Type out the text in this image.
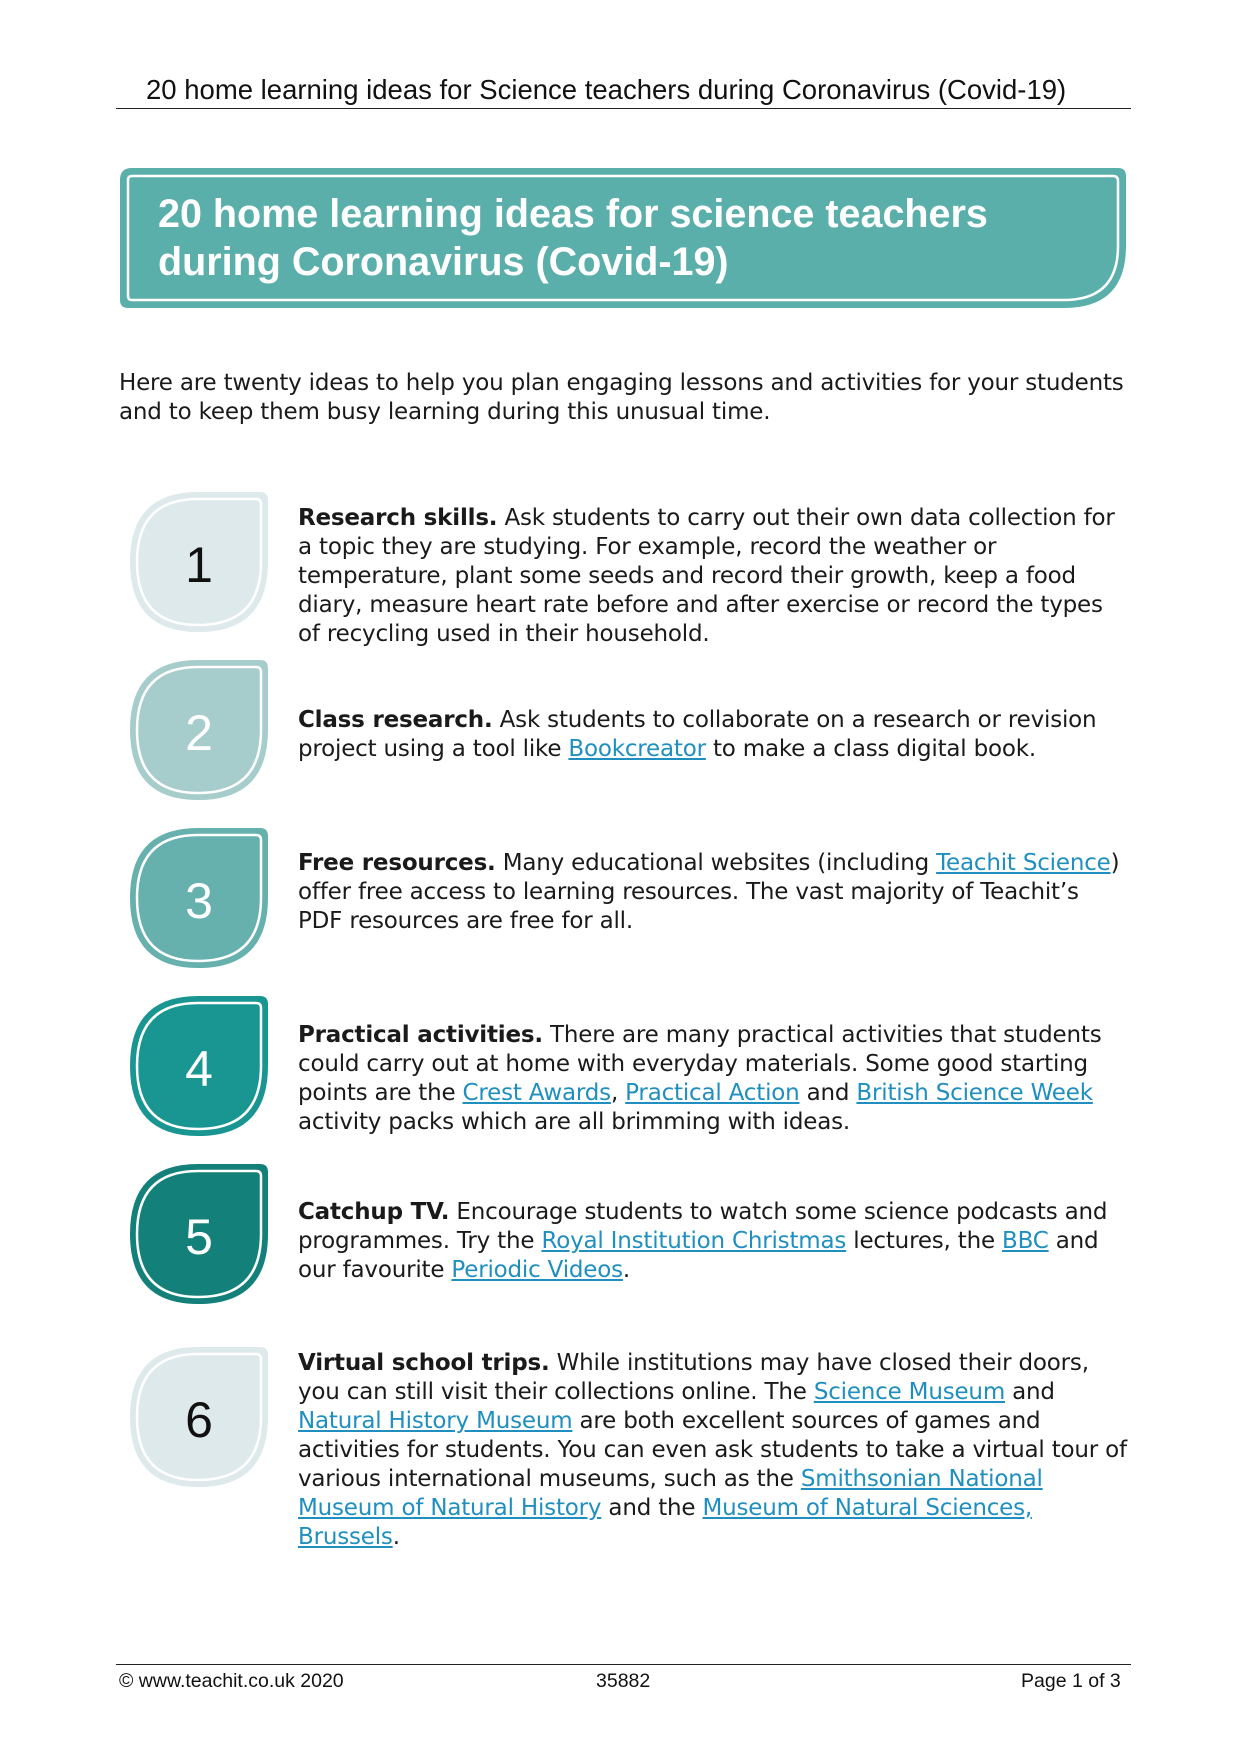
20 home learning ideas for Science teachers during Coronavirus (Covid-19)
20 home learning ideas for science teachers during Coronavirus (Covid-19)

Here are twenty ideas to help you plan engaging lessons and activities for your students and to keep them busy learning during this unusual time.

1

Research skills. Ask students to carry out their own data collection for a topic they are studying. For example, record the weather or temperature, plant some seeds and record their growth, keep a food diary, measure heart rate before and after exercise or record the types of recycling used in their household.

2	Class research. Ask students to collaborate on a research or revision project using a tool like Bookcreator to make a class digital book.

3

Free resources. Many educational websites (including Teachit Science) offer free access to learning resources. The vast majority of Teachit’s PDF resources are free for all.

4

Practical activities. There are many practical activities that students could carry out at home with everyday materials. Some good starting points are the Crest Awards, Practical Action and British Science Week activity packs which are all brimming with ideas.

5	Catchup TV. Encourage students to watch some science podcasts and programmes. Try the Royal Institution Christmas lectures, the BBC and our favourite Periodic Videos.

6

Virtual school trips. While institutions may have closed their doors, you can still visit their collections online. The Science Museum and Natural History Museum are both excellent sources of games and activities for students. You can even ask students to take a virtual tour of various international museums, such as the Smithsonian National Museum of Natural History and the Museum of Natural Sciences, Brussels.

© www.teachit.co.uk 2020	35882	Page 1 of 3
